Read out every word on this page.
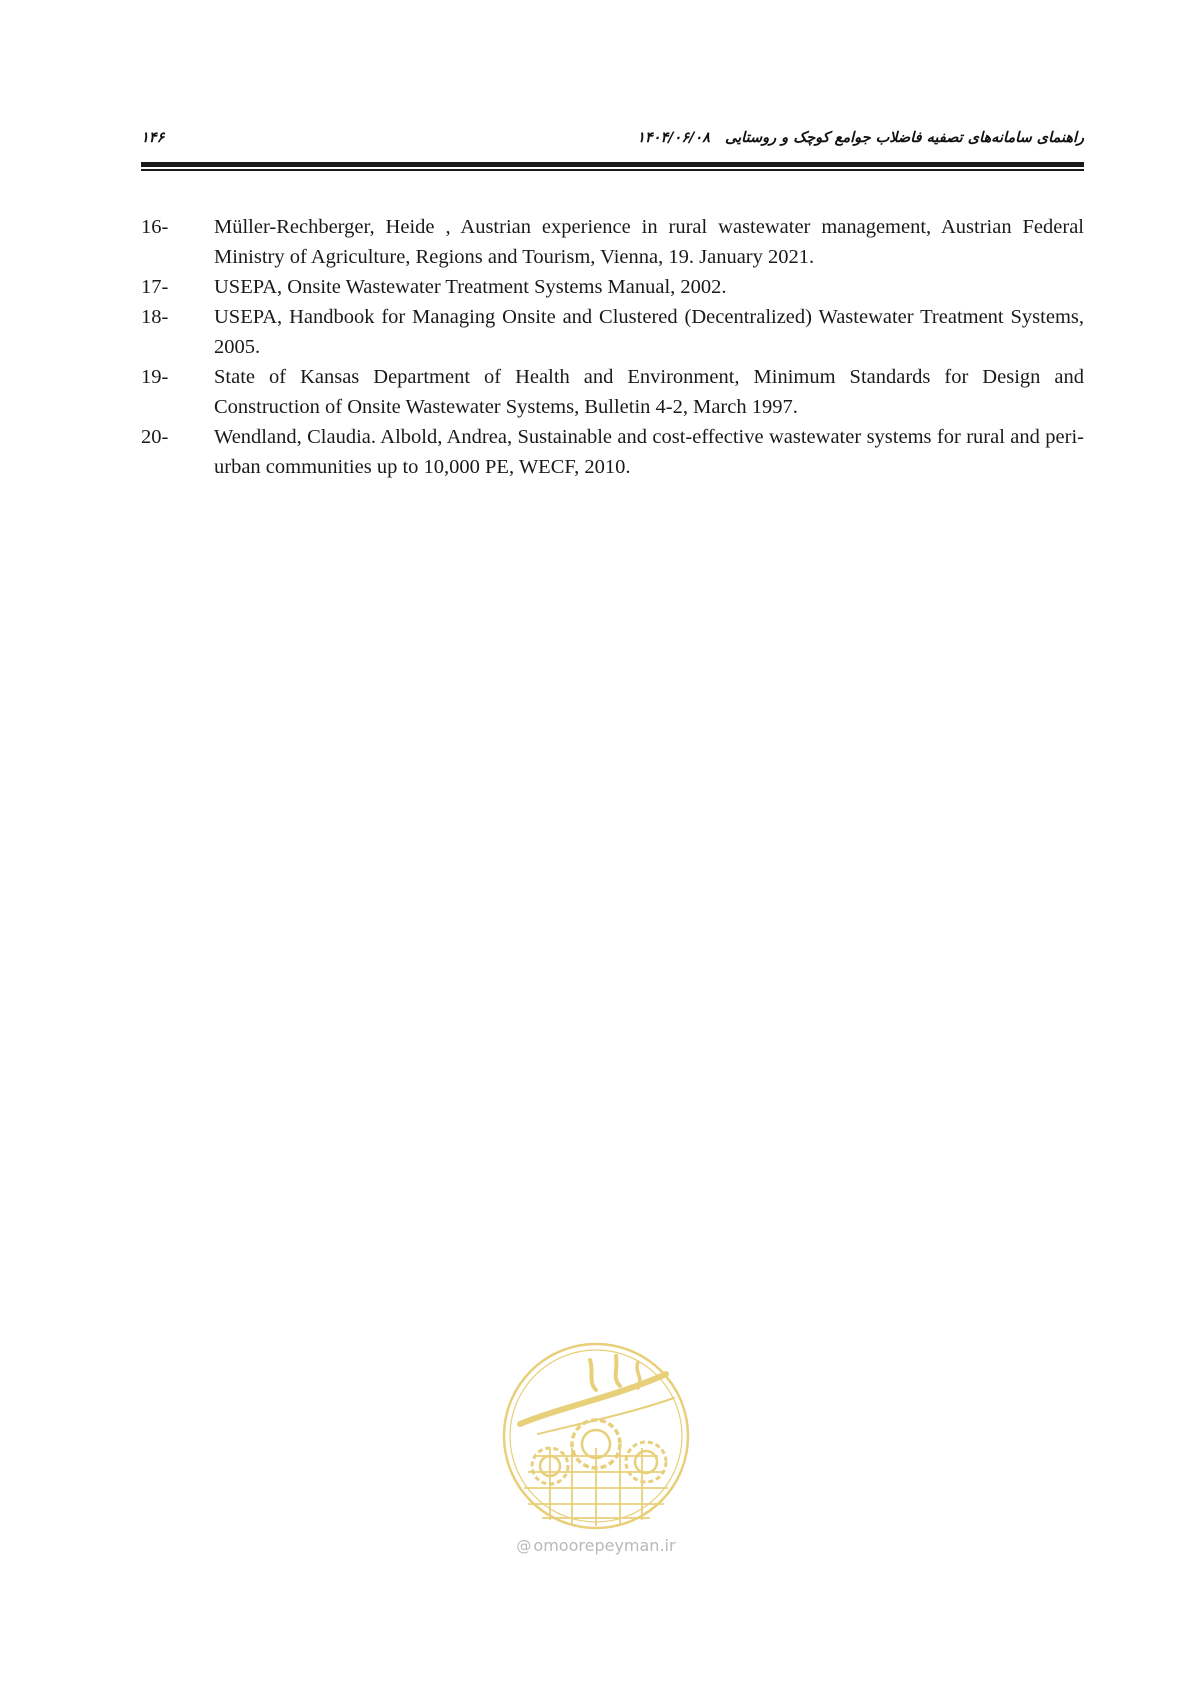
راهنمای سامانه‌های تصفیه فاضلاب جوامع کوچک و روستایی ۱۴۰۴/۰۶/۰۸
۱۴۶
16- Müller-Rechberger, Heide , Austrian experience in rural wastewater management, Austrian Federal Ministry of Agriculture, Regions and Tourism, Vienna, 19. January 2021.
17- USEPA, Onsite Wastewater Treatment Systems Manual, 2002.
18- USEPA, Handbook for Managing Onsite and Clustered (Decentralized) Wastewater Treatment Systems, 2005.
19- State of Kansas Department of Health and Environment, Minimum Standards for Design and Construction of Onsite Wastewater Systems, Bulletin 4-2, March 1997.
20- Wendland, Claudia. Albold, Andrea, Sustainable and cost-effective wastewater systems for rural and peri-urban communities up to 10,000 PE, WECF, 2010.
@ omoorepeyman.ir
